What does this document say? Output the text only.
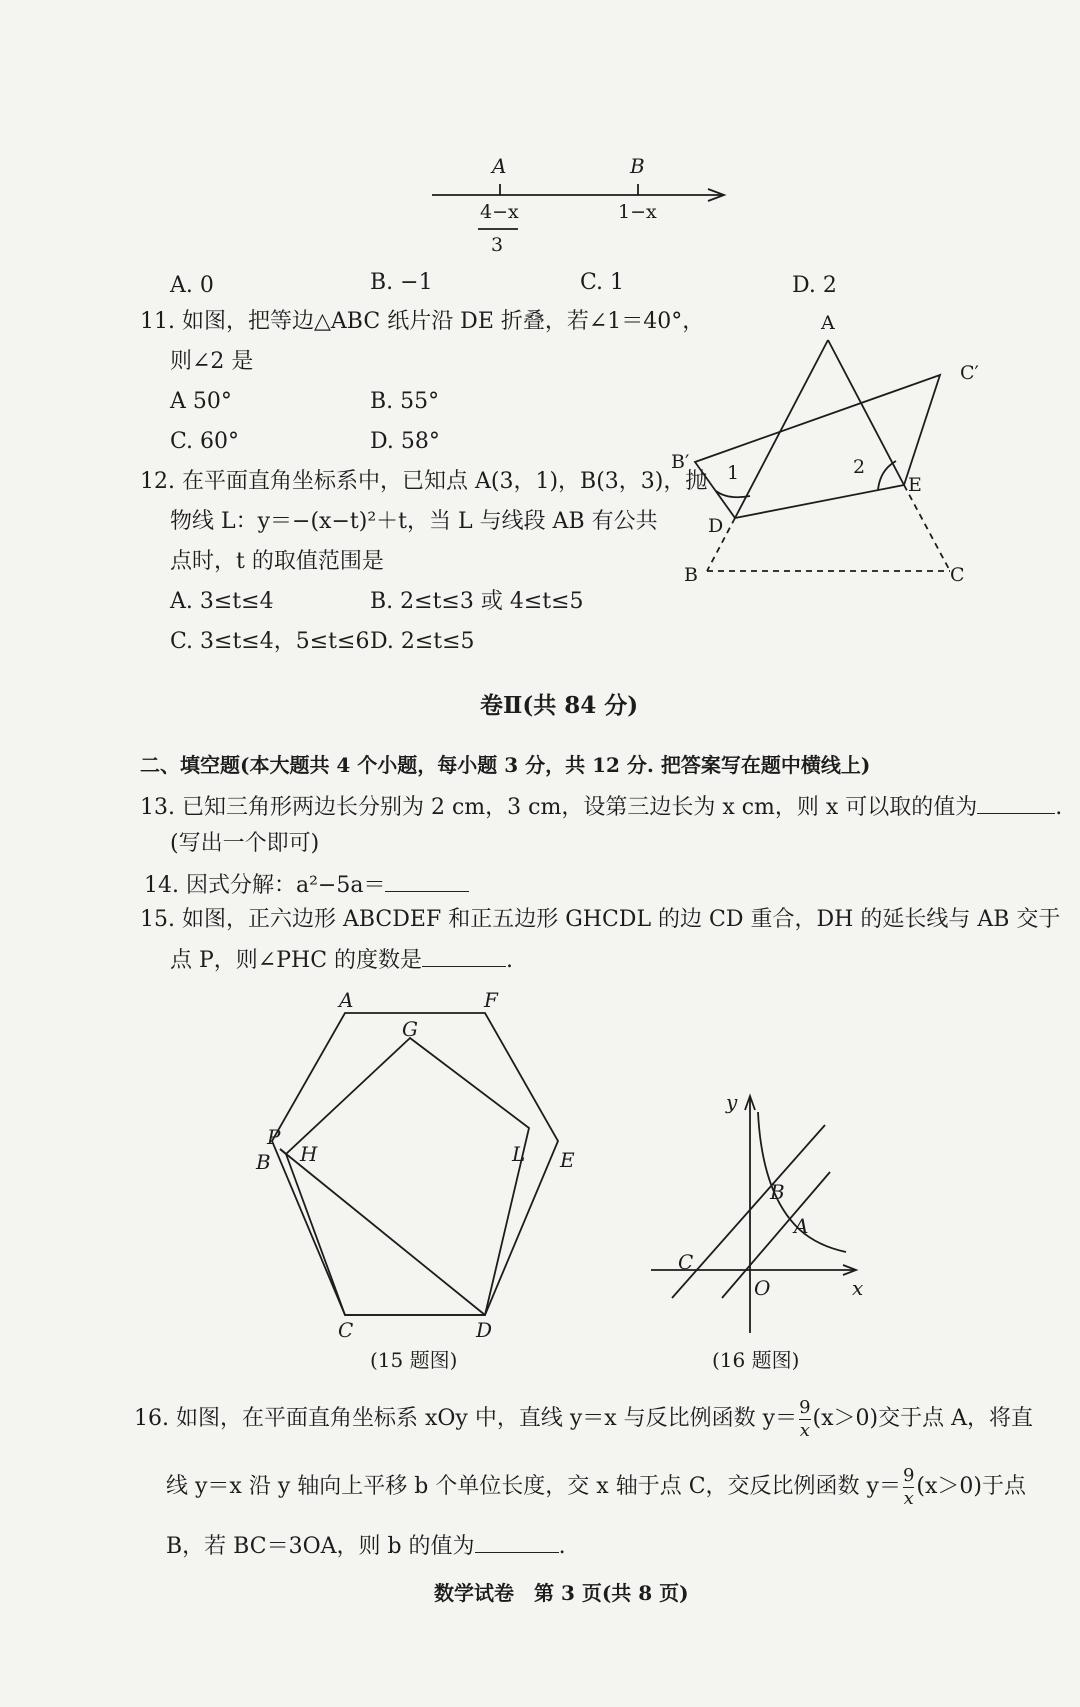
A	B
4−x
3
1−x
A. 0	B. −1	C. 1	D. 2
11. 如图，把等边△ABC 纸片沿 DE 折叠，若∠1＝40°，
则∠2 是
A 50°	B. 55°
C. 60°	D. 58°
A
C′
B′ 1	2
E
D
B	C
12. 在平面直角坐标系中，已知点 A(3，1)，B(3，3)，抛
物线 L：y＝−(x−t)²＋t，当 L 与线段 AB 有公共
点时，t 的取值范围是
A. 3≤t≤4	B. 2≤t≤3 或 4≤t≤5
C. 3≤t≤4，5≤t≤6 D. 2≤t≤5
卷Ⅱ(共 84 分)
二、填空题(本大题共 4 个小题，每小题 3 分，共 12 分. 把答案写在题中横线上)
13. 已知三角形两边长分别为 2 cm，3 cm，设第三边长为 x cm，则 x 可以取的值为	.
(写出一个即可)
14. 因式分解：a²−5a＝
15. 如图，正六边形 ABCDEF 和正五边形 GHCDL 的边 CD 重合，DH 的延长线与 AB 交于
点 P，则∠PHC 的度数是	.
A	F
G
P
B H	L E
C	D
(15 题图)
y
B
A
C
O	x
(16 题图)
16. 如图，在平面直角坐标系 xOy 中，直线 y＝x 与反比例函数 $y= \frac{9}{x} (x>0)$交于点 A，将直
线 y＝x 沿 y 轴向上平移 b 个单位长度，交 x 轴于点 C，交反比例函数 $y= \frac{9}{x} (x>0)$于点
B，若 BC＝3OA，则 b 的值为	.
数学试卷　第 3 页(共 8 页)
